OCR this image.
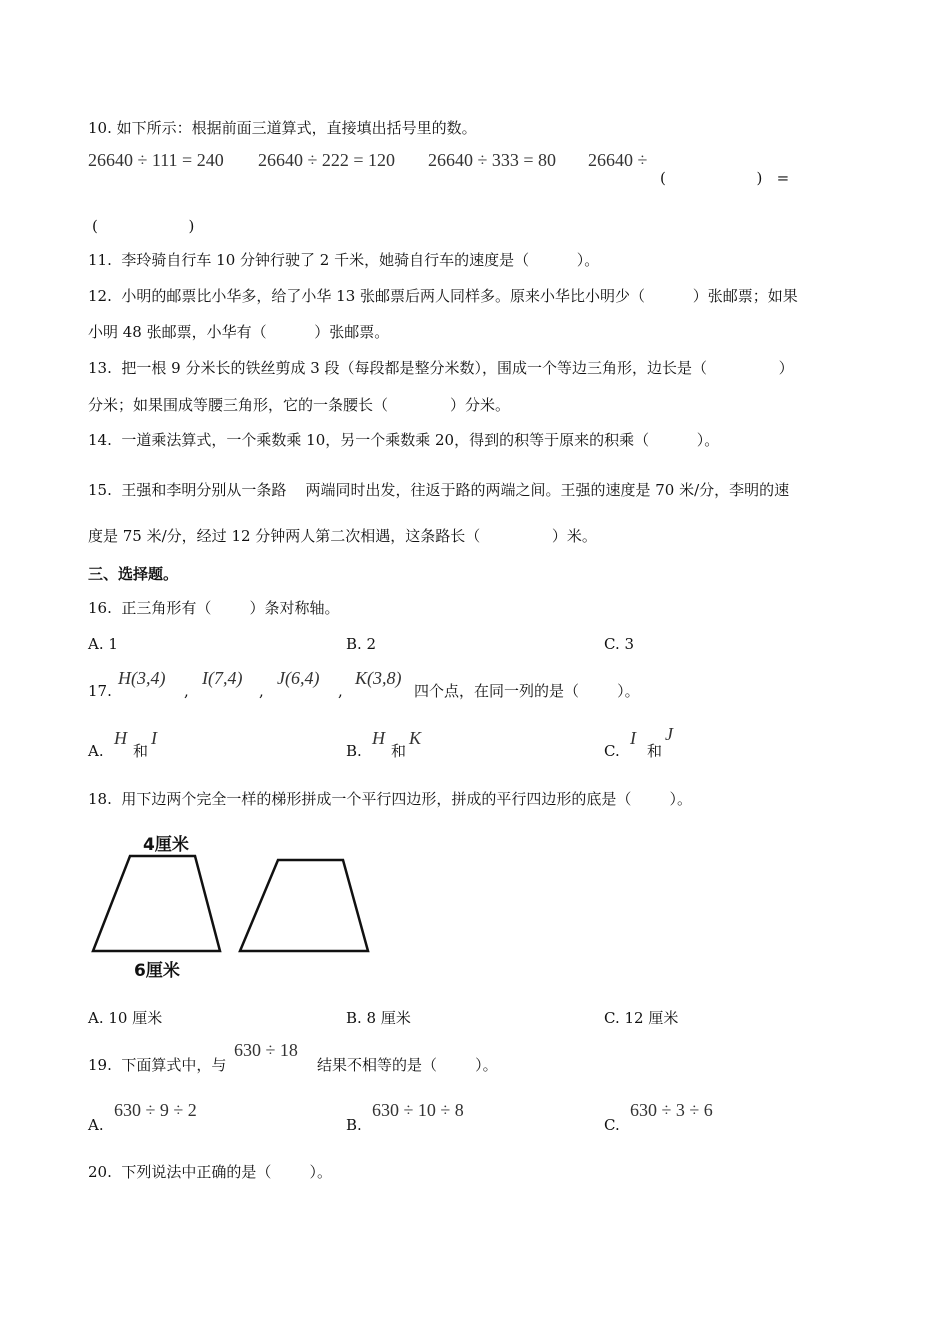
10. 如下所示：根据前面三道算式，直接填出括号里的数。
26640 ÷ 111 = 240 26640 ÷ 222 = 120 26640 ÷ 333 = 80 26640 ÷
(                   )   =
(                   )
11.  李玲骑自行车 10 分钟行驶了 2 千米，她骑自行车的速度是（          ）。
12.  小明的邮票比小华多，给了小华 13 张邮票后两人同样多。原来小华比小明少（          ）张邮票；如果
小明 48 张邮票，小华有（          ）张邮票。
13.  把一根 9 分米长的铁丝剪成 3 段（每段都是整分米数），围成一个等边三角形，边长是（               ）
分米；如果围成等腰三角形，它的一条腰长（             ）分米。
14.  一道乘法算式，一个乘数乘 10，另一个乘数乘 20，得到的积等于原来的积乘（          ）。
15.  王强和李明分别从一条路    两端同时出发，往返于路的两端之间。王强的速度是 70 米/分，李明的速
度是 75 米/分，经过 12 分钟两人第二次相遇，这条路长（               ）米。
三、选择题。
16.  正三角形有（        ）条对称轴。
A. 1	B. 2	C. 3
17.
H(3,4)
,
I(7,4)
,
J(6,4)
,
K(3,8)
四个点，在同一列的是（        ）。
A.
H
和
I
B.
H
和
K
C.
I
和
J
18.  用下边两个完全一样的梯形拼成一个平行四边形，拼成的平行四边形的底是（        ）。
4厘米
6厘米
A. 10 厘米	B. 8 厘米	C. 12 厘米
19.  下面算式中，与
630 ÷ 18
结果不相等的是（        ）。
A.
630 ÷ 9 ÷ 2
B.
630 ÷ 10 ÷ 8
C.
630 ÷ 3 ÷ 6
20.  下列说法中正确的是（        ）。
